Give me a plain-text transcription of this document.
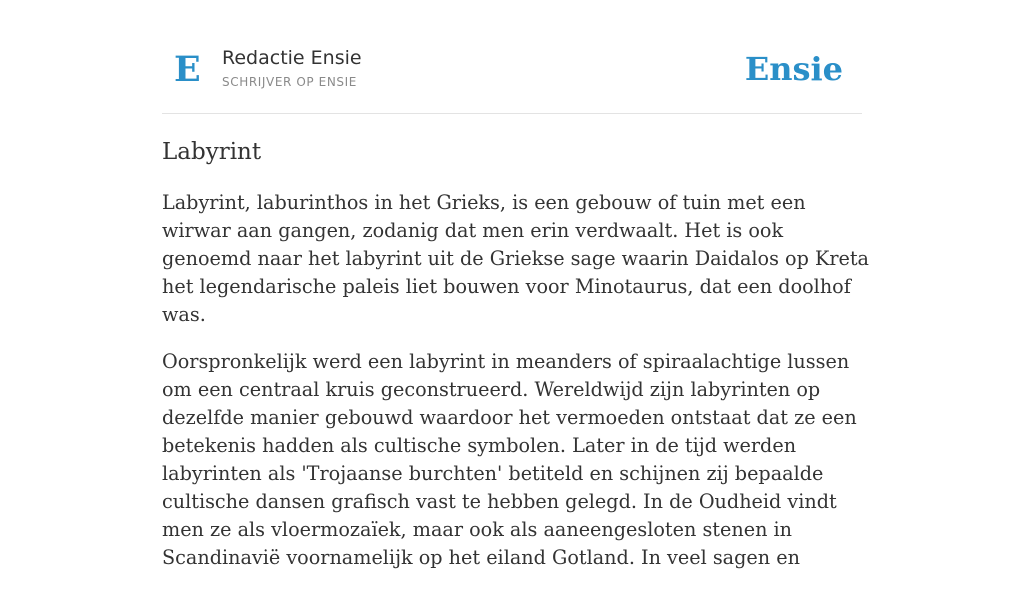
E Redactie Ensie
SCHRIJVER OP ENSIE	Ensie
Labyrint

Labyrint, laburinthos in het Grieks, is een gebouw of tuin met een wirwar aan gangen, zodanig dat men erin verdwaalt. Het is ook genoemd naar het labyrint uit de Griekse sage waarin Daidalos op Kreta het legendarische paleis liet bouwen voor Minotaurus, dat een doolhof was.

Oorspronkelijk werd een labyrint in meanders of spiraalachtige lussen om een centraal kruis geconstrueerd. Wereldwijd zijn labyrinten op dezelfde manier gebouwd waardoor het vermoeden ontstaat dat ze een betekenis hadden als cultische symbolen. Later in de tijd werden labyrinten als 'Trojaanse burchten' betiteld en schijnen zij bepaalde cultische dansen grafisch vast te hebben gelegd. In de Oudheid vindt men ze als vloermozaïek, maar ook als aaneengesloten stenen in Scandinavië voornamelijk op het eiland Gotland. In veel sagen en
